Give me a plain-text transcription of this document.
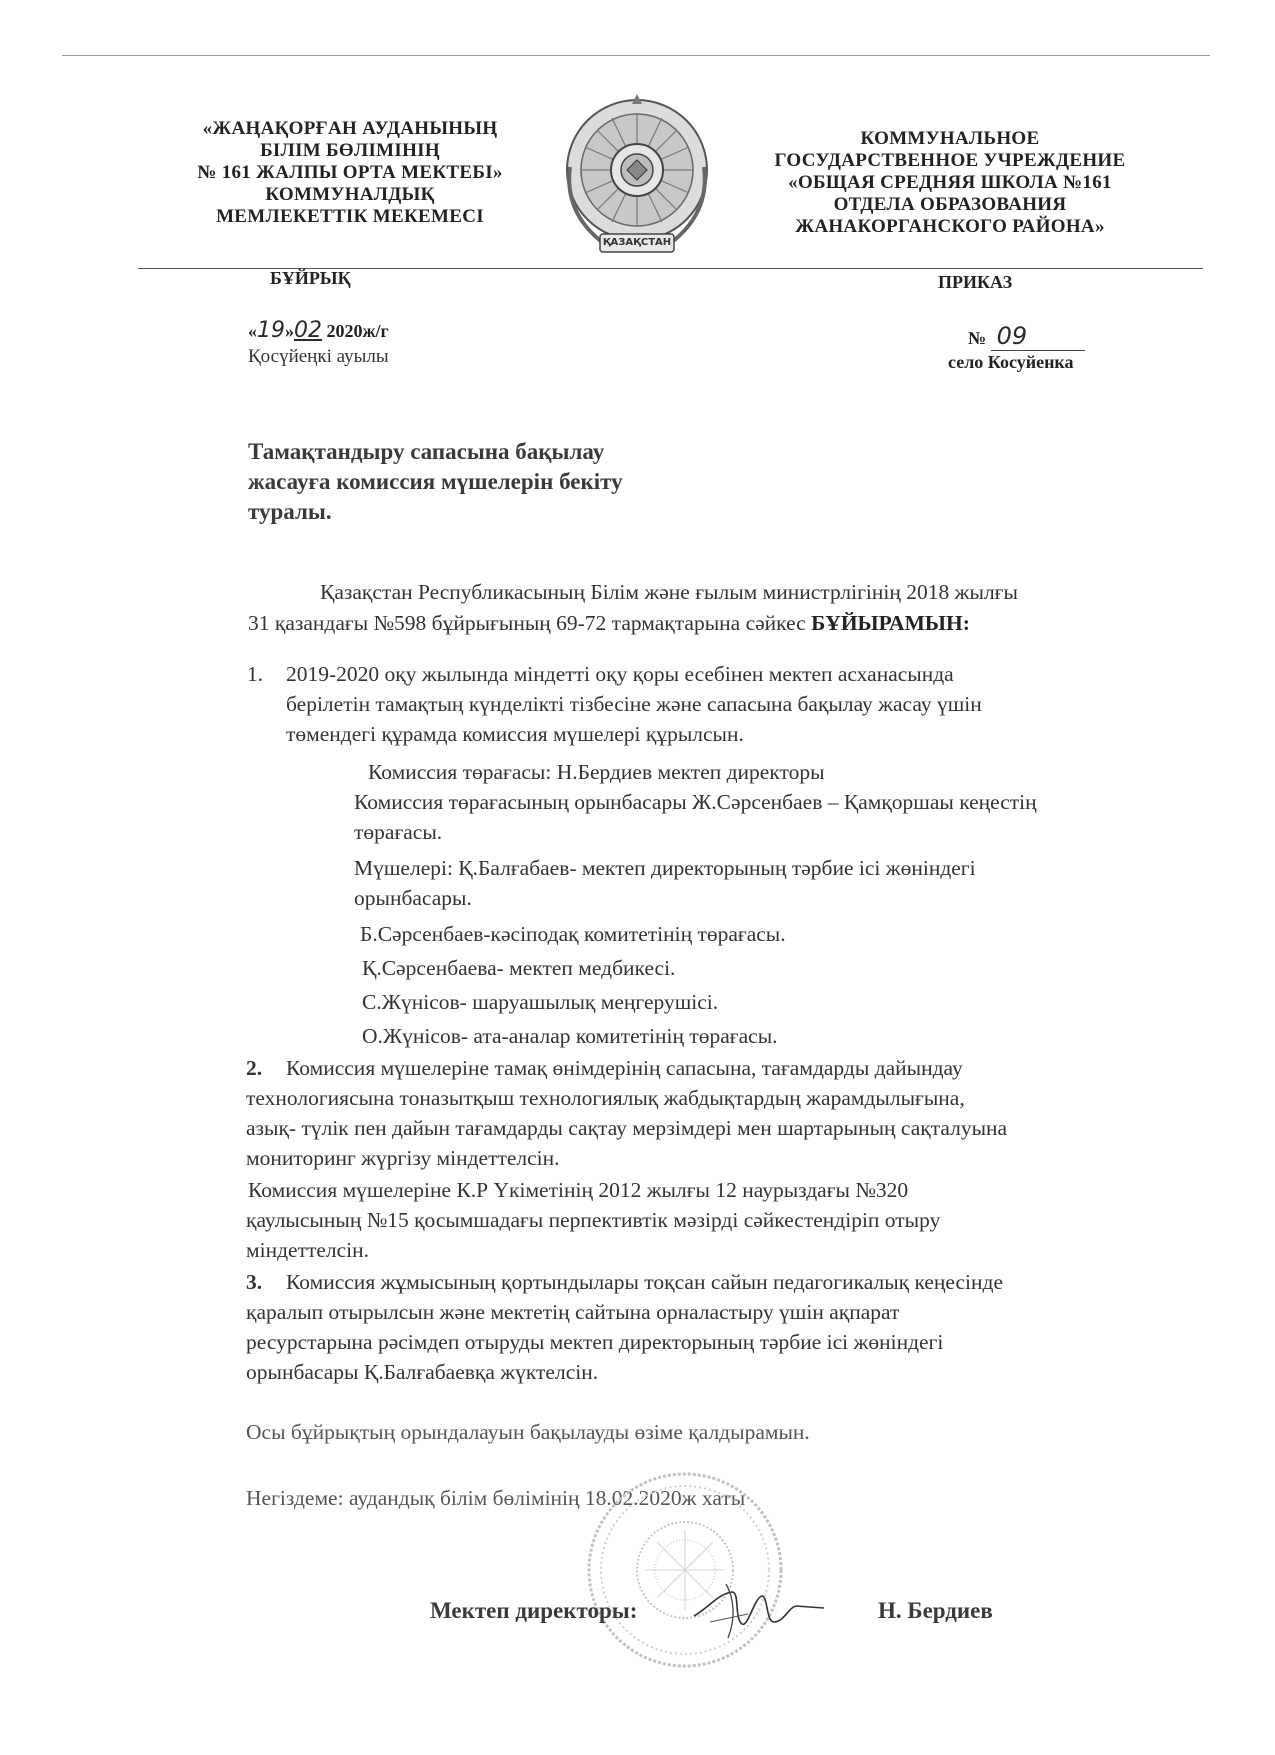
«ЖАҢАҚОРҒАН АУДАНЫНЫҢ
БІЛІМ БӨЛІМІНІҢ
№ 161 ЖАЛПЫ ОРТА МЕКТЕБІ»
КОММУНАЛДЫҚ
МЕМЛЕКЕТТІК МЕКЕМЕСІ
ҚАЗАҚСТАН
КОММУНАЛЬНОЕ
ГОСУДАРСТВЕННОЕ УЧРЕЖДЕНИЕ
«ОБЩАЯ СРЕДНЯЯ ШКОЛА №161
ОТДЕЛА ОБРАЗОВАНИЯ
ЖАНАКОРГАНСКОГО РАЙОНА»
БҰЙРЫҚ	ПРИКАЗ
«19»02 2020ж/г
Қосүйеңкі ауылы
№ 09
село Косуйенка
Тамақтандыру сапасына бақылау
жасауға комиссия мүшелерін бекіту
туралы.
Қазақстан Республикасының Білім және ғылым министрлігінің 2018 жылғы
31 қазандағы №598 бұйрығының 69-72 тармақтарына сәйкес БҰЙЫРАМЫН:
1. 2019-2020 оқу жылында міндетті оқу қоры есебінен мектеп асханасында
берілетін тамақтың күнделікті тізбесіне және сапасына бақылау жасау үшін
төмендегі құрамда комиссия мүшелері құрылсын.
Комиссия төрағасы: Н.Бердиев мектеп директоры
Комиссия төрағасының орынбасары Ж.Сәрсенбаев – Қамқоршаы кеңестің
төрағасы.
Мүшелері: Қ.Балғабаев- мектеп директорының тәрбие ісі жөніндегі
орынбасары.
Б.Сәрсенбаев-кәсіподақ комитетінің төрағасы.
Қ.Сәрсенбаева- мектеп медбикесі.
С.Жүнісов- шаруашылық меңгерушісі.
О.Жүнісов- ата-аналар комитетінің төрағасы.
2. Комиссия мүшелеріне тамақ өнімдерінің сапасына, тағамдарды дайындау
технологиясына тоназытқыш технологиялық жабдықтардың жарамдылығына,
азық- түлік пен дайын тағамдарды сақтау мерзімдері мен шартарының сақталуына
мониторинг жүргізу міндеттелсін.
Комиссия мүшелеріне К.Р Үкіметінің 2012 жылғы 12 наурыздағы №320
қаулысының №15 қосымшадағы перпективтік мәзірді сәйкестендіріп отыру
міндеттелсін.
3. Комиссия жұмысының қортындылары тоқсан сайын педагогикалық кеңесінде
қаралып отырылсын және мектетің сайтына орналастыру үшін ақпарат
ресурстарына рәсімдеп отыруды мектеп директорының тәрбие ісі жөніндегі
орынбасары Қ.Балғабаевқа жүктелсін.
Осы бұйрықтың орындалауын бақылауды өзіме қалдырамын.
Негіздеме: аудандық білім бөлімінің 18.02.2020ж хаты
Мектеп директоры:	Н. Бердиев
